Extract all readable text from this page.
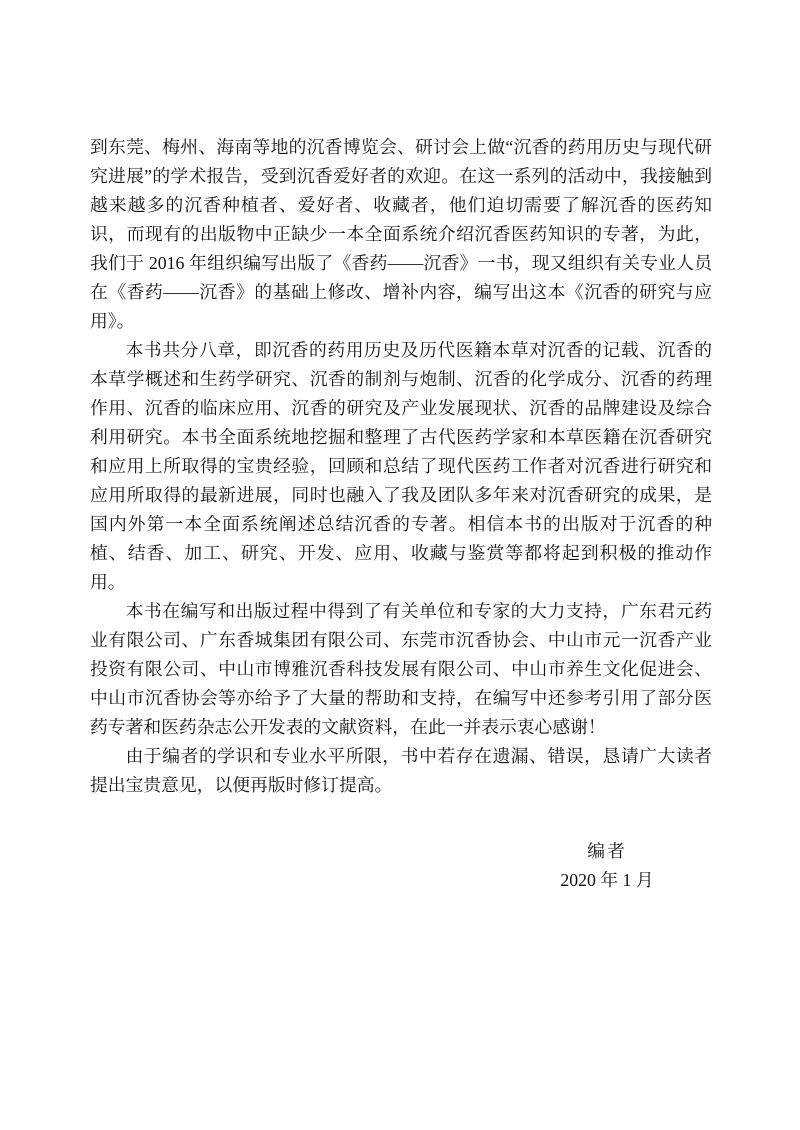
到东莞、梅州、海南等地的沉香博览会、研讨会上做“沉香的药用历史与现代研究进展”的学术报告，受到沉香爱好者的欢迎。在这一系列的活动中，我接触到越来越多的沉香种植者、爱好者、收藏者，他们迫切需要了解沉香的医药知识，而现有的出版物中正缺少一本全面系统介绍沉香医药知识的专著，为此，我们于 2016 年组织编写出版了《香药——沉香》一书，现又组织有关专业人员在《香药——沉香》的基础上修改、增补内容，编写出这本《沉香的研究与应用》。

本书共分八章，即沉香的药用历史及历代医籍本草对沉香的记载、沉香的本草学概述和生药学研究、沉香的制剂与炮制、沉香的化学成分、沉香的药理作用、沉香的临床应用、沉香的研究及产业发展现状、沉香的品牌建设及综合利用研究。本书全面系统地挖掘和整理了古代医药学家和本草医籍在沉香研究和应用上所取得的宝贵经验，回顾和总结了现代医药工作者对沉香进行研究和应用所取得的最新进展，同时也融入了我及团队多年来对沉香研究的成果，是国内外第一本全面系统阐述总结沉香的专著。相信本书的出版对于沉香的种植、结香、加工、研究、开发、应用、收藏与鉴赏等都将起到积极的推动作用。

本书在编写和出版过程中得到了有关单位和专家的大力支持，广东君元药业有限公司、广东香城集团有限公司、东莞市沉香协会、中山市元一沉香产业投资有限公司、中山市博雅沉香科技发展有限公司、中山市养生文化促进会、中山市沉香协会等亦给予了大量的帮助和支持，在编写中还参考引用了部分医药专著和医药杂志公开发表的文献资料，在此一并表示衷心感谢！

由于编者的学识和专业水平所限，书中若存在遗漏、错误，恳请广大读者提出宝贵意见，以便再版时修订提高。

编者
2020 年 1 月
